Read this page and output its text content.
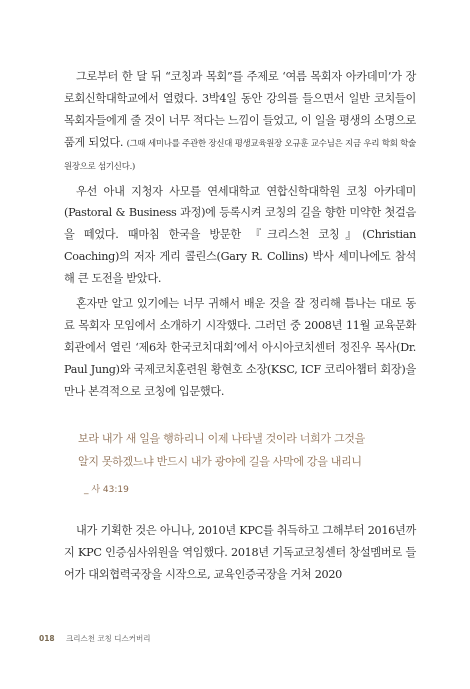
그로부터 한 달 뒤 “코칭과 목회”를 주제로 ‘여름 목회자 아카데미’가 장로회신학대학교에서 열렸다. 3박4일 동안 강의를 들으면서 일반 코치들이 목회자들에게 줄 것이 너무 적다는 느낌이 들었고, 이 일을 평생의 소명으로 품게 되었다. (그때 세미나를 주관한 장신대 평생교육원장 오규훈 교수님은 지금 우리 학회 학술원장으로 섬기신다.)

우선 아내 지청자 사모를 연세대학교 연합신학대학원 코칭 아카데미(Pastoral & Business 과정)에 등록시켜 코칭의 길을 향한 미약한 첫걸음을 떼었다. 때마침 한국을 방문한 『크리스천 코칭』(Christian Coaching)의 저자 게리 콜린스(Gary R. Collins) 박사 세미나에도 참석해 큰 도전을 받았다.

혼자만 알고 있기에는 너무 귀해서 배운 것을 잘 정리해 틈나는 대로 동료 목회자 모임에서 소개하기 시작했다. 그러던 중 2008년 11월 교육문화회관에서 열린 ‘제6차 한국코치대회’에서 아시아코치센터 정진우 목사(Dr. Paul Jung)와 국제코치훈련원 황현호 소장(KSC, ICF 코리아챕터 회장)을 만나 본격적으로 코칭에 입문했다.

보라 내가 새 일을 행하리니 이제 나타낼 것이라 너희가 그것을

알지 못하겠느냐 반드시 내가 광야에 길을 사막에 강을 내리니

_ 사 43:19

내가 기획한 것은 아니나, 2010년 KPC를 취득하고 그해부터 2016년까지 KPC 인증심사위원을 역임했다. 2018년 기독교코칭센터 창설멤버로 들어가 대외협력국장을 시작으로, 교육인증국장을 거쳐 2020

018 크리스천 코칭 디스커버리
